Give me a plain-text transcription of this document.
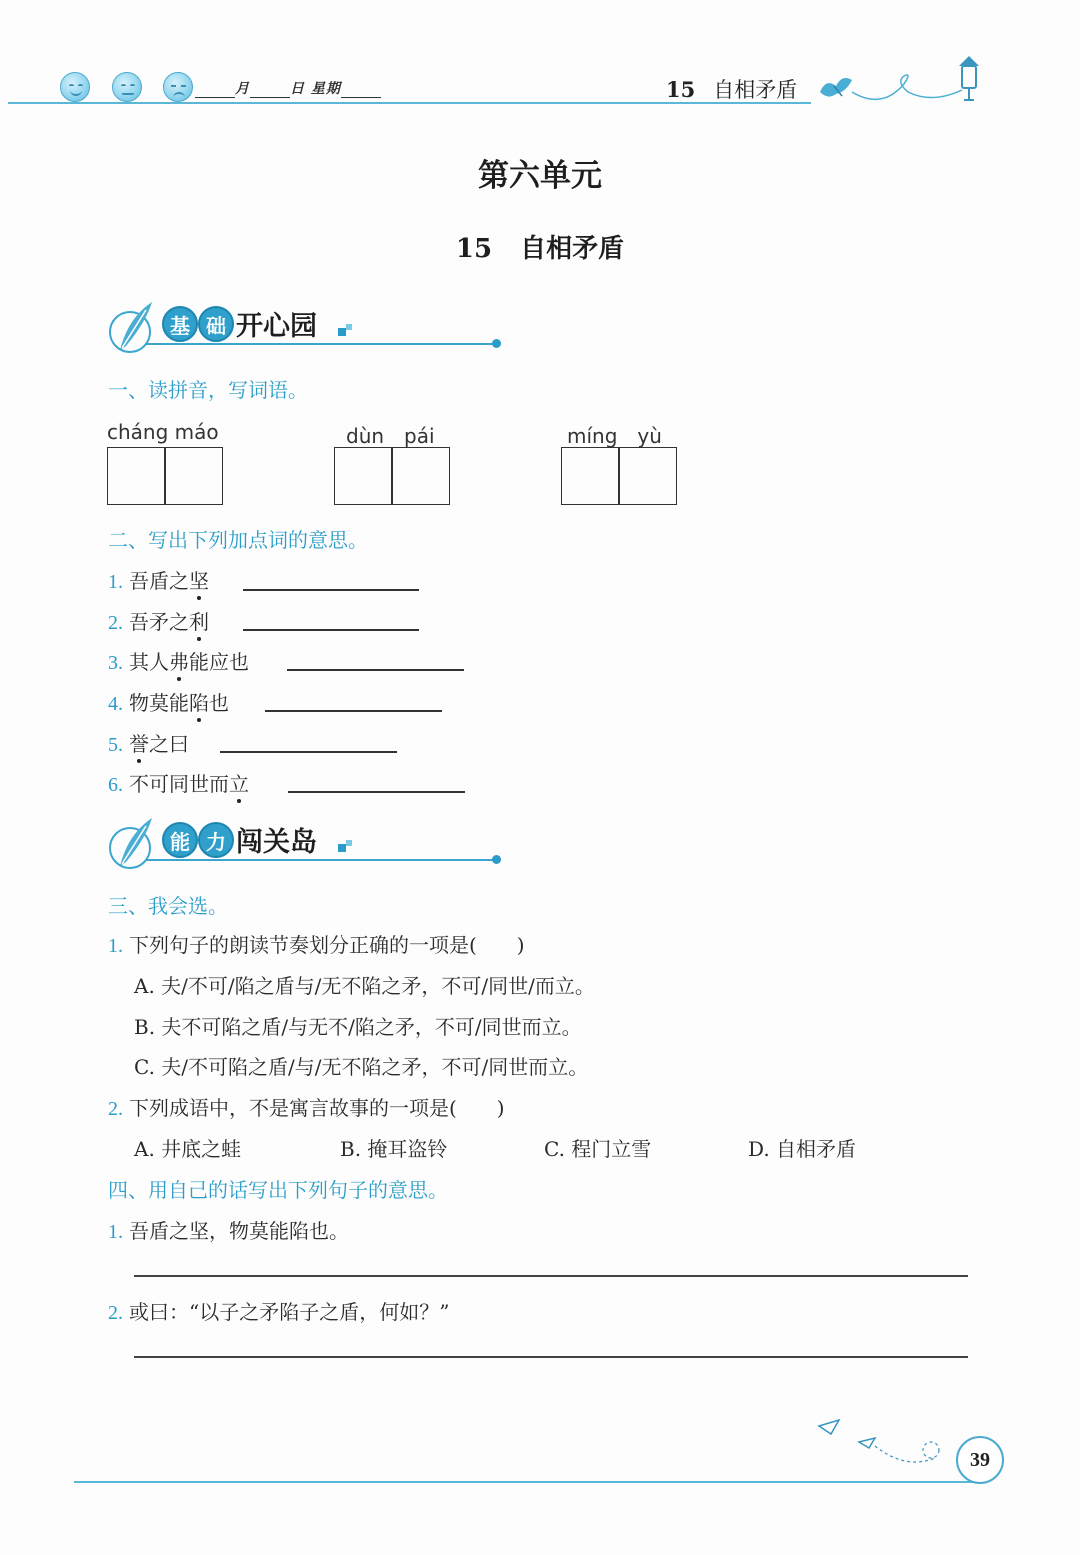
月	日 星期	15 自相矛盾
第六单元
15 自相矛盾
基 础 开心园
一、读拼音，写词语。
cháng máo	dùn　pái	míng　yù
二、写出下列加点词的意思。
1. 吾盾之坚
2. 吾矛之利
3. 其人弗能应也
4. 物莫能陷也
5. 誉之曰
6. 不可同世而立
能 力 闯关岛
三、我会选。
1. 下列句子的朗读节奏划分正确的一项是(　　)
A. 夫/不可/陷之盾与/无不陷之矛，不可/同世/而立。
B. 夫不可陷之盾/与无不/陷之矛，不可/同世而立。
C. 夫/不可陷之盾/与/无不陷之矛，不可/同世而立。
2. 下列成语中，不是寓言故事的一项是(　　)
A. 井底之蛙	B. 掩耳盗铃	C. 程门立雪	D. 自相矛盾
四、用自己的话写出下列句子的意思。
1. 吾盾之坚，物莫能陷也。
2. 或曰：“以子之矛陷子之盾，何如？”
39
